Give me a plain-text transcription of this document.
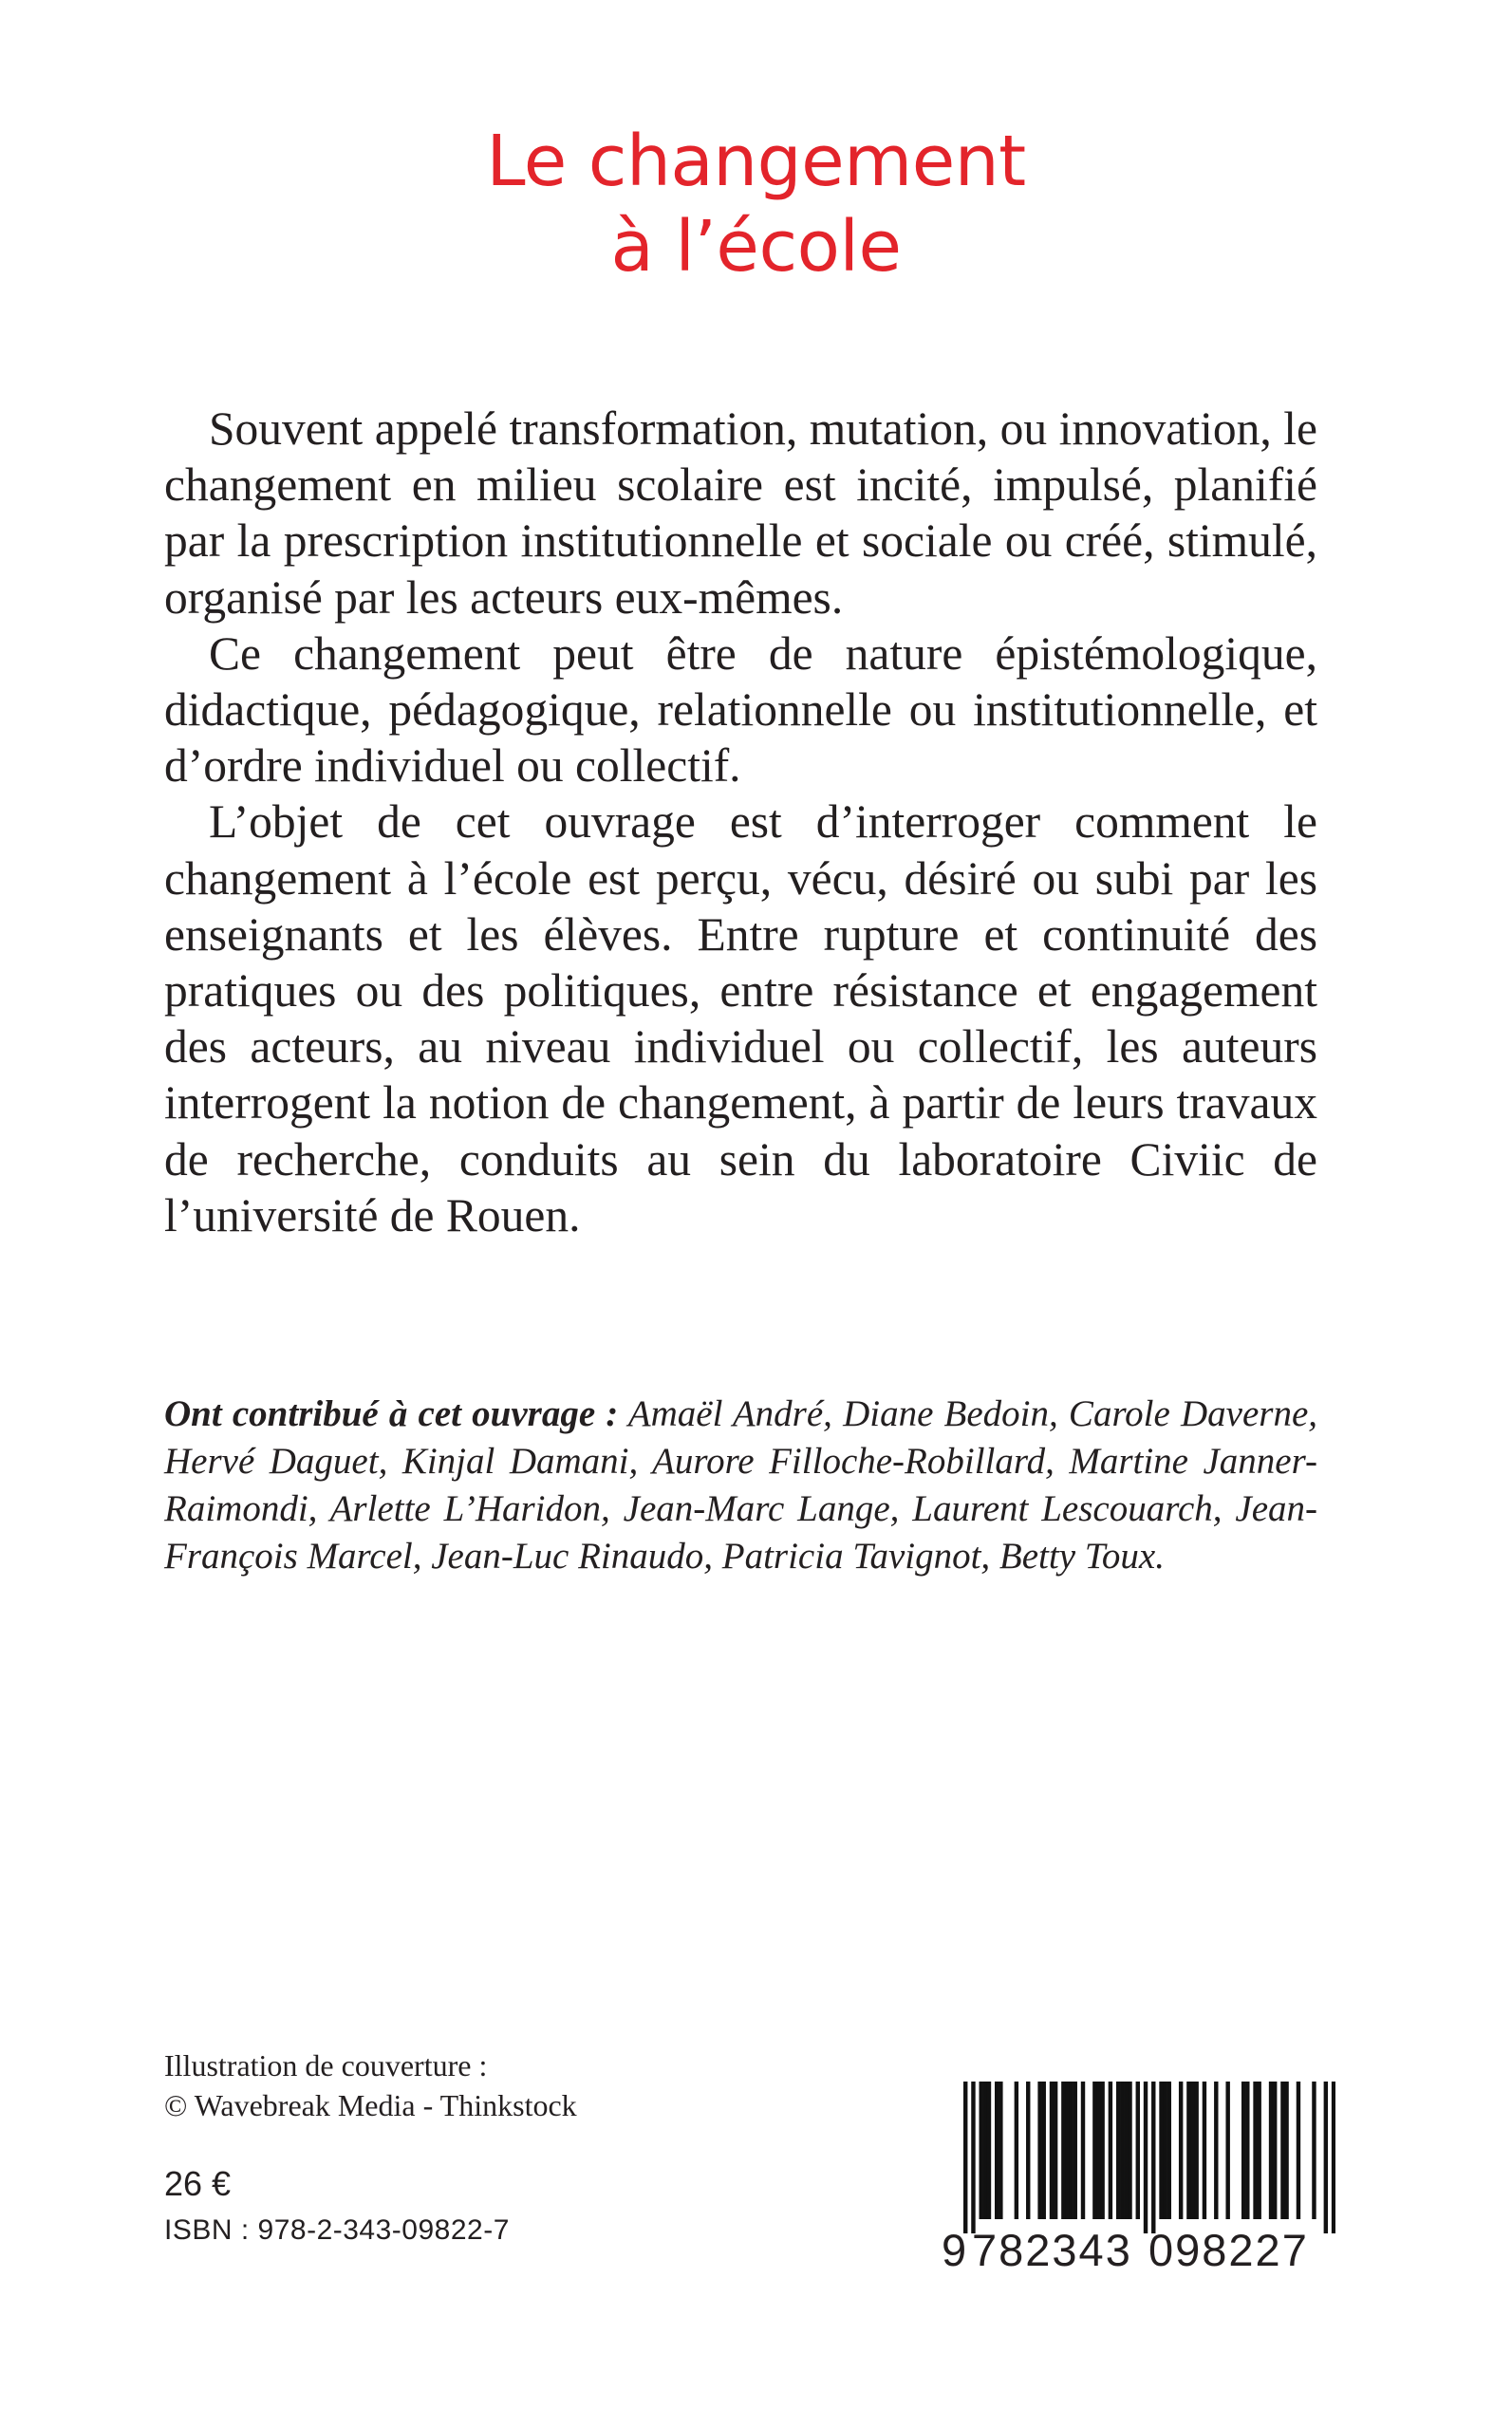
Le changement
à l’école

Souvent appelé transformation, mutation, ou innovation, le changement en milieu scolaire est incité, impulsé, planifié par la prescription institutionnelle et sociale ou créé, stimulé, organisé par les acteurs eux-mêmes.

Ce changement peut être de nature épistémologique, didactique, pédagogique, relationnelle ou institutionnelle, et d’ordre individuel ou collectif.

L’objet de cet ouvrage est d’interroger comment le changement à l’école est perçu, vécu, désiré ou subi par les enseignants et les élèves. Entre rupture et continuité des pratiques ou des politiques, entre résistance et engagement des acteurs, au niveau individuel ou collectif, les auteurs interrogent la notion de changement, à partir de leurs travaux de recherche, conduits au sein du laboratoire Civiic de l’université de Rouen.

Ont contribué à cet ouvrage : Amaël André, Diane Bedoin, Carole Daverne, Hervé Daguet, Kinjal Damani, Aurore Filloche-Robillard, Martine Janner-Raimondi, Arlette L’Haridon, Jean-Marc Lange, Laurent Lescouarch, Jean-François Marcel, Jean-Luc Rinaudo, Patricia Tavignot, Betty Toux.
Illustration de couverture :
© Wavebreak Media - Thinkstock
26 €
ISBN : 978-2-343-09822-7	9 782343 098227
